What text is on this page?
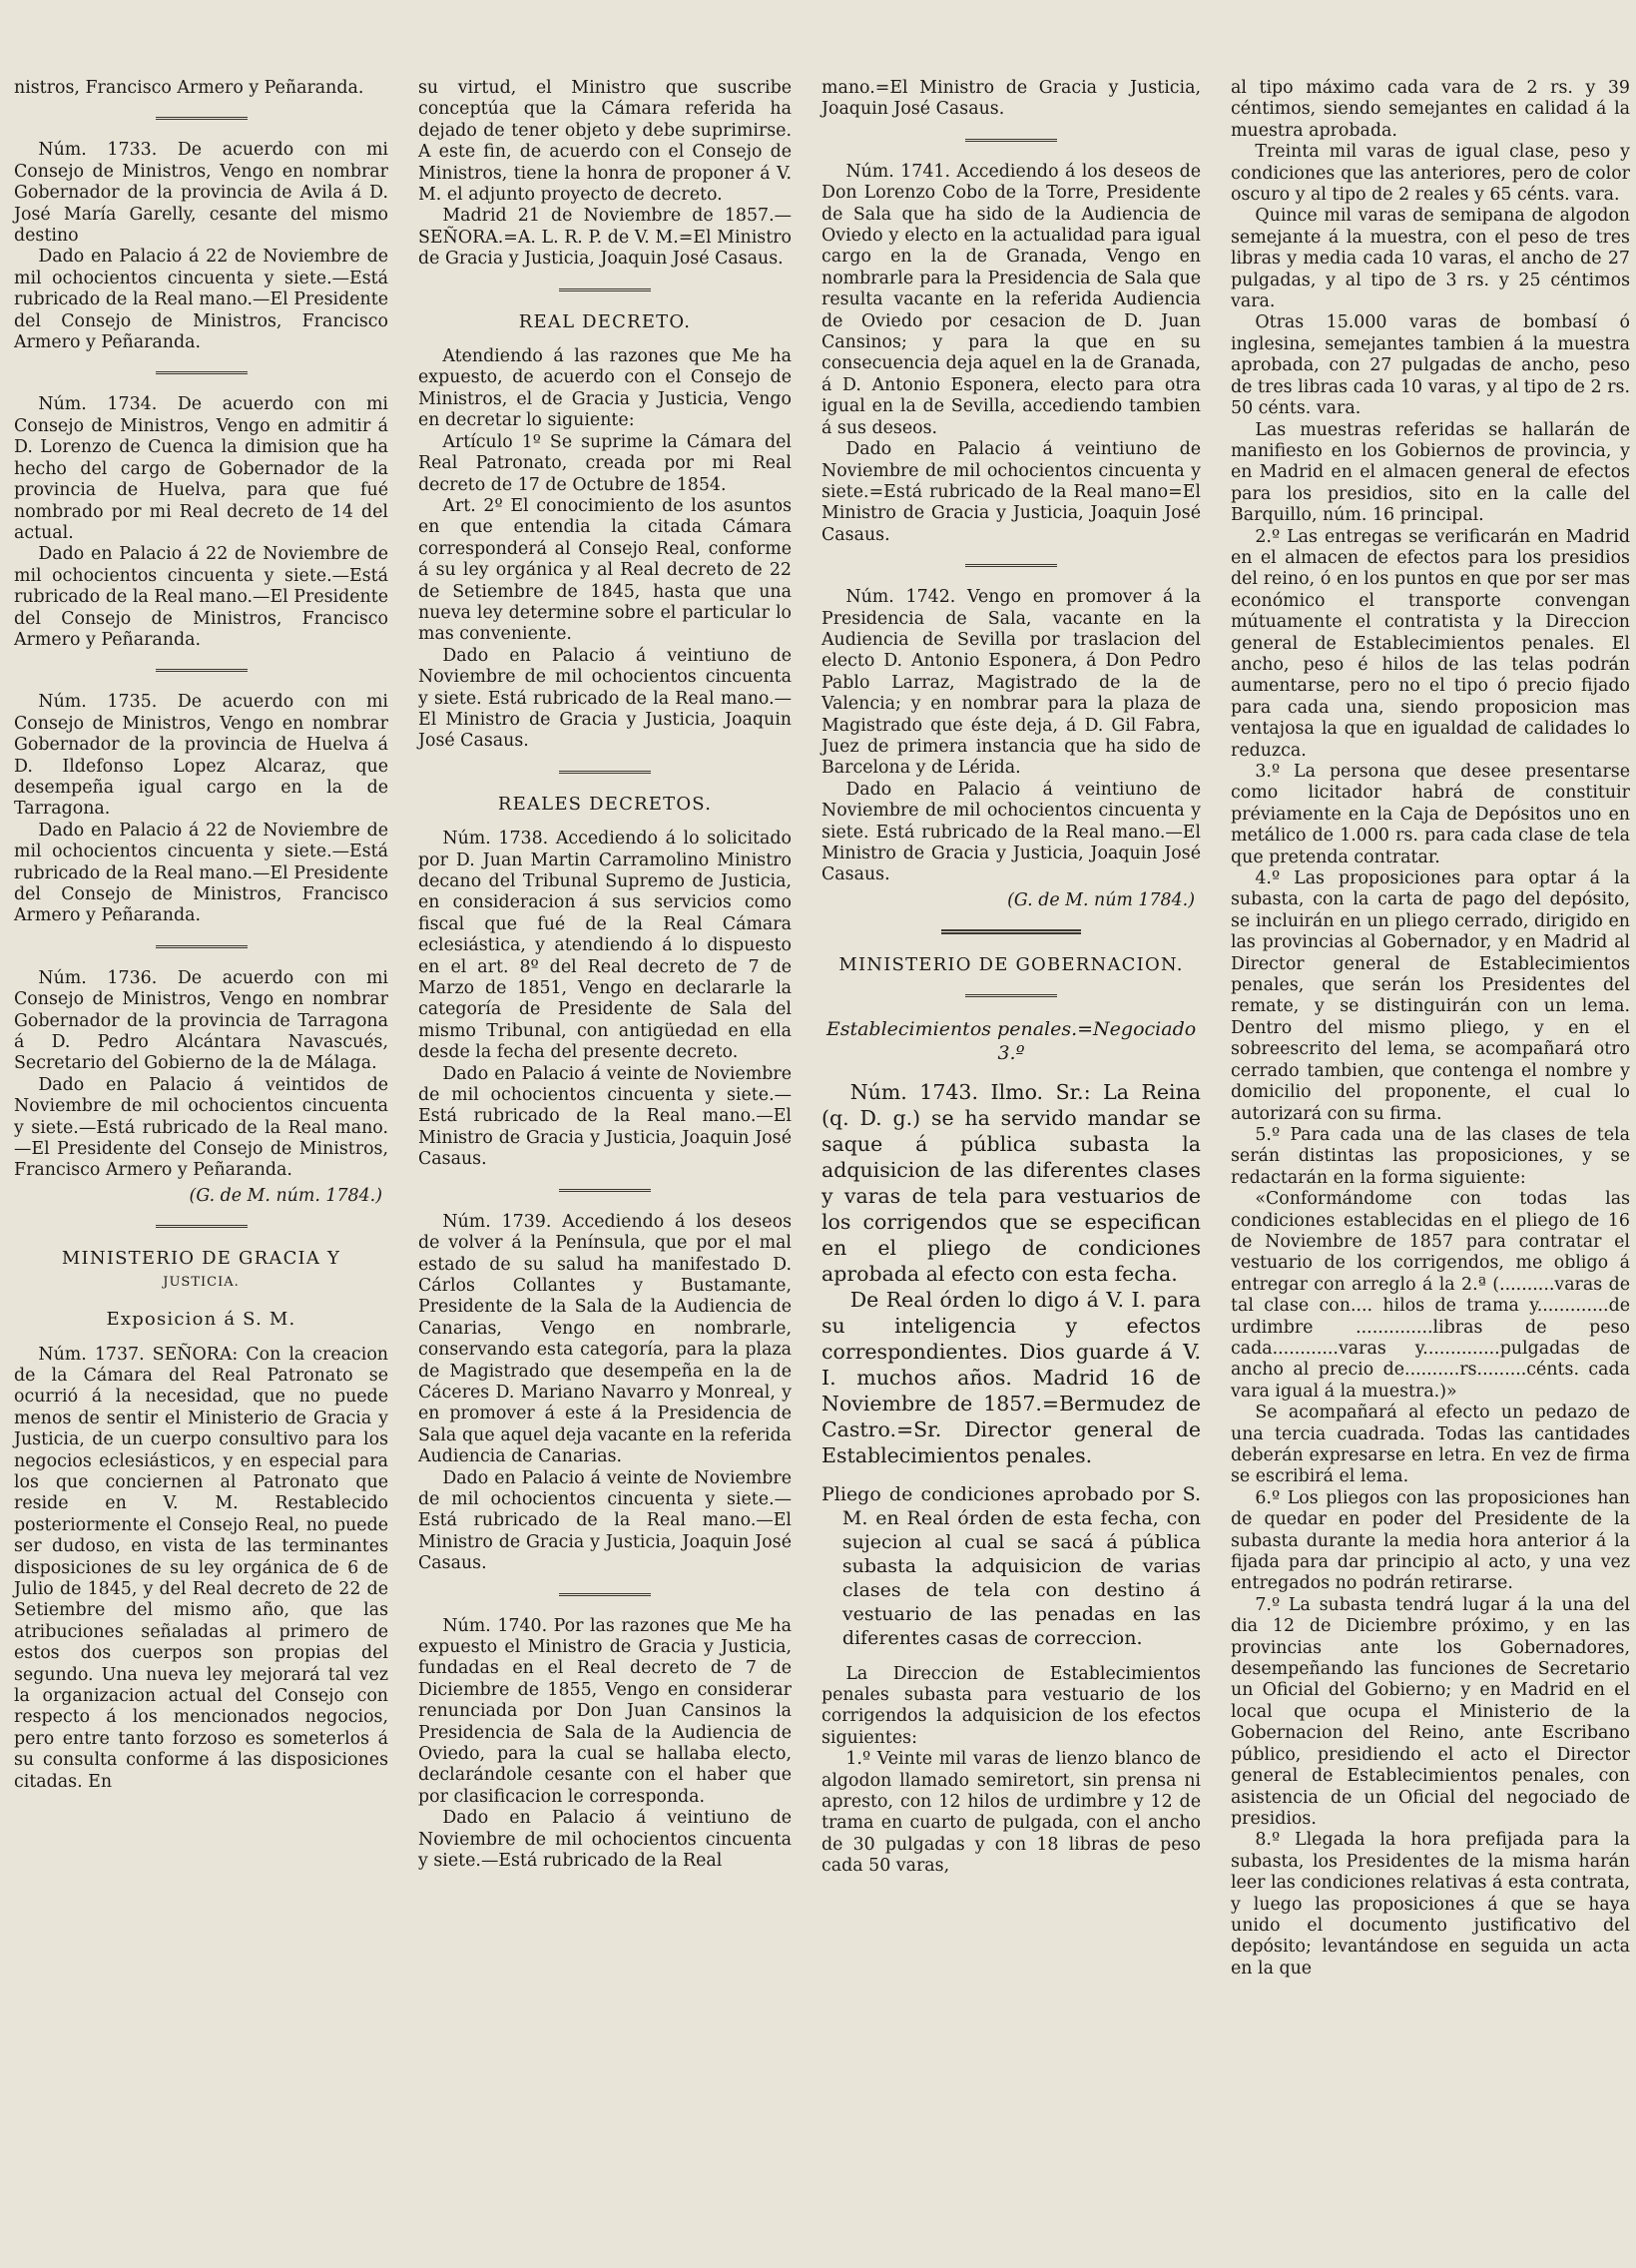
nistros, Francisco Armero y Peñaranda.

Núm. 1733. De acuerdo con mi Consejo de Ministros, Vengo en nombrar Gobernador de la provincia de Avila á D. José María Garelly, cesante del mismo destino

Dado en Palacio á 22 de Noviembre de mil ochocientos cincuenta y siete.—Está rubricado de la Real mano.—El Presidente del Consejo de Ministros, Francisco Armero y Peñaranda.

Núm. 1734. De acuerdo con mi Consejo de Ministros, Vengo en admitir á D. Lorenzo de Cuenca la dimision que ha hecho del cargo de Gobernador de la provincia de Huelva, para que fué nombrado por mi Real decreto de 14 del actual.

Dado en Palacio á 22 de Noviembre de mil ochocientos cincuenta y siete.—Está rubricado de la Real mano.—El Presidente del Consejo de Ministros, Francisco Armero y Peñaranda.

Núm. 1735. De acuerdo con mi Consejo de Ministros, Vengo en nombrar Gobernador de la provincia de Huelva á D. Ildefonso Lopez Alcaraz, que desempeña igual cargo en la de Tarragona.

Dado en Palacio á 22 de Noviembre de mil ochocientos cincuenta y siete.—Está rubricado de la Real mano.—El Presidente del Consejo de Ministros, Francisco Armero y Peñaranda.

Núm. 1736. De acuerdo con mi Consejo de Ministros, Vengo en nombrar Gobernador de la provincia de Tarragona á D. Pedro Alcántara Navascués, Secretario del Gobierno de la de Málaga.

Dado en Palacio á veintidos de Noviembre de mil ochocientos cincuenta y siete.—Está rubricado de la Real mano.—El Presidente del Consejo de Ministros, Francisco Armero y Peñaranda.

(G. de M. núm. 1784.)
MINISTERIO DE GRACIA Y
JUSTICIA.
Exposicion á S. M.

Núm. 1737. SEÑORA: Con la creacion de la Cámara del Real Patronato se ocurrió á la necesidad, que no puede menos de sentir el Ministerio de Gracia y Justicia, de un cuerpo consultivo para los negocios eclesiásticos, y en especial para los que conciernen al Patronato que reside en V. M. Restablecido posteriormente el Consejo Real, no puede ser dudoso, en vista de las terminantes disposiciones de su ley orgánica de 6 de Julio de 1845, y del Real decreto de 22 de Setiembre del mismo año, que las atribuciones señaladas al primero de estos dos cuerpos son propias del segundo. Una nueva ley mejorará tal vez la organizacion actual del Consejo con respecto á los mencionados negocios, pero entre tanto forzoso es someterlos á su consulta conforme á las disposiciones citadas. En

su virtud, el Ministro que suscribe conceptúa que la Cámara referida ha dejado de tener objeto y debe suprimirse. A este fin, de acuerdo con el Consejo de Ministros, tiene la honra de proponer á V. M. el adjunto proyecto de decreto.

Madrid 21 de Noviembre de 1857.—SEÑORA.=A. L. R. P. de V. M.=El Ministro de Gracia y Justicia, Joaquin José Casaus.

REAL DECRETO.

Atendiendo á las razones que Me ha expuesto, de acuerdo con el Consejo de Ministros, el de Gracia y Justicia, Vengo en decretar lo siguiente:

Artículo 1º Se suprime la Cámara del Real Patronato, creada por mi Real decreto de 17 de Octubre de 1854.

Art. 2º El conocimiento de los asuntos en que entendia la citada Cámara corresponderá al Consejo Real, conforme á su ley orgánica y al Real decreto de 22 de Setiembre de 1845, hasta que una nueva ley determine sobre el particular lo mas conveniente.

Dado en Palacio á veintiuno de Noviembre de mil ochocientos cincuenta y siete. Está rubricado de la Real mano.—El Ministro de Gracia y Justicia, Joaquin José Casaus.

REALES DECRETOS.

Núm. 1738. Accediendo á lo solicitado por D. Juan Martin Carramolino Ministro decano del Tribunal Supremo de Justicia, en consideracion á sus servicios como fiscal que fué de la Real Cámara eclesiástica, y atendiendo á lo dispuesto en el art. 8º del Real decreto de 7 de Marzo de 1851, Vengo en declararle la categoría de Presidente de Sala del mismo Tribunal, con antigüedad en ella desde la fecha del presente decreto.

Dado en Palacio á veinte de Noviembre de mil ochocientos cincuenta y siete.—Está rubricado de la Real mano.—El Ministro de Gracia y Justicia, Joaquin José Casaus.

Núm. 1739. Accediendo á los deseos de volver á la Península, que por el mal estado de su salud ha manifestado D. Cárlos Collantes y Bustamante, Presidente de la Sala de la Audiencia de Canarias, Vengo en nombrarle, conservando esta categoría, para la plaza de Magistrado que desempeña en la de Cáceres D. Mariano Navarro y Monreal, y en promover á este á la Presidencia de Sala que aquel deja vacante en la referida Audiencia de Canarias.

Dado en Palacio á veinte de Noviembre de mil ochocientos cincuenta y siete.—Está rubricado de la Real mano.—El Ministro de Gracia y Justicia, Joaquin José Casaus.

Núm. 1740. Por las razones que Me ha expuesto el Ministro de Gracia y Justicia, fundadas en el Real decreto de 7 de Diciembre de 1855, Vengo en considerar renunciada por Don Juan Cansinos la Presidencia de Sala de la Audiencia de Oviedo, para la cual se hallaba electo, declarándole cesante con el haber que por clasificacion le corresponda.

Dado en Palacio á veintiuno de Noviembre de mil ochocientos cincuenta y siete.—Está rubricado de la Real

mano.=El Ministro de Gracia y Justicia, Joaquin José Casaus.

Núm. 1741. Accediendo á los deseos de Don Lorenzo Cobo de la Torre, Presidente de Sala que ha sido de la Audiencia de Oviedo y electo en la actualidad para igual cargo en la de Granada, Vengo en nombrarle para la Presidencia de Sala que resulta vacante en la referida Audiencia de Oviedo por cesacion de D. Juan Cansinos; y para la que en su consecuencia deja aquel en la de Granada, á D. Antonio Esponera, electo para otra igual en la de Sevilla, accediendo tambien á sus deseos.

Dado en Palacio á veintiuno de Noviembre de mil ochocientos cincuenta y siete.=Está rubricado de la Real mano=El Ministro de Gracia y Justicia, Joaquin José Casaus.

Núm. 1742. Vengo en promover á la Presidencia de Sala, vacante en la Audiencia de Sevilla por traslacion del electo D. Antonio Esponera, á Don Pedro Pablo Larraz, Magistrado de la de Valencia; y en nombrar para la plaza de Magistrado que éste deja, á D. Gil Fabra, Juez de primera instancia que ha sido de Barcelona y de Lérida.

Dado en Palacio á veintiuno de Noviembre de mil ochocientos cincuenta y siete. Está rubricado de la Real mano.—El Ministro de Gracia y Justicia, Joaquin José Casaus.

(G. de M. núm 1784.)
MINISTERIO DE GOBERNACION.
Establecimientos penales.=Negociado 3.º

Núm. 1743. Ilmo. Sr.: La Reina (q. D. g.) se ha servido mandar se saque á pública subasta la adquisicion de las diferentes clases y varas de tela para vestuarios de los corrigendos que se especifican en el pliego de condiciones aprobada al efecto con esta fecha.

De Real órden lo digo á V. I. para su inteligencia y efectos correspondientes. Dios guarde á V. I. muchos años. Madrid 16 de Noviembre de 1857.=Bermudez de Castro.=Sr. Director general de Establecimientos penales.

Pliego de condiciones aprobado por S. M. en Real órden de esta fecha, con sujecion al cual se sacá á pública subasta la adquisicion de varias clases de tela con destino á vestuario de las penadas en las diferentes casas de correccion.

La Direccion de Establecimientos penales subasta para vestuario de los corrigendos la adquisicion de los efectos siguientes:

1.º Veinte mil varas de lienzo blanco de algodon llamado semiretort, sin prensa ni apresto, con 12 hilos de urdimbre y 12 de trama en cuarto de pulgada, con el ancho de 30 pulgadas y con 18 libras de peso cada 50 varas,

al tipo máximo cada vara de 2 rs. y 39 céntimos, siendo semejantes en calidad á la muestra aprobada.

Treinta mil varas de igual clase, peso y condiciones que las anteriores, pero de color oscuro y al tipo de 2 reales y 65 cénts. vara.

Quince mil varas de semipana de algodon semejante á la muestra, con el peso de tres libras y media cada 10 varas, el ancho de 27 pulgadas, y al tipo de 3 rs. y 25 céntimos vara.

Otras 15.000 varas de bombasí ó inglesina, semejantes tambien á la muestra aprobada, con 27 pulgadas de ancho, peso de tres libras cada 10 varas, y al tipo de 2 rs. 50 cénts. vara.

Las muestras referidas se hallarán de manifiesto en los Gobiernos de provincia, y en Madrid en el almacen general de efectos para los presidios, sito en la calle del Barquillo, núm. 16 principal.

2.º Las entregas se verificarán en Madrid en el almacen de efectos para los presidios del reino, ó en los puntos en que por ser mas económico el transporte convengan mútuamente el contratista y la Direccion general de Establecimientos penales. El ancho, peso é hilos de las telas podrán aumentarse, pero no el tipo ó precio fijado para cada una, siendo proposicion mas ventajosa la que en igualdad de calidades lo reduzca.

3.º La persona que desee presentarse como licitador habrá de constituir préviamente en la Caja de Depósitos uno en metálico de 1.000 rs. para cada clase de tela que pretenda contratar.

4.º Las proposiciones para optar á la subasta, con la carta de pago del depósito, se incluirán en un pliego cerrado, dirigido en las provincias al Gobernador, y en Madrid al Director general de Establecimientos penales, que serán los Presidentes del remate, y se distinguirán con un lema. Dentro del mismo pliego, y en el sobreescrito del lema, se acompañará otro cerrado tambien, que contenga el nombre y domicilio del proponente, el cual lo autorizará con su firma.

5.º Para cada una de las clases de tela serán distintas las proposiciones, y se redactarán en la forma siguiente:

«Conformándome con todas las condiciones establecidas en el pliego de 16 de Noviembre de 1857 para contratar el vestuario de los corrigendos, me obligo á entregar con arreglo á la 2.ª (..........varas de tal clase con.... hilos de trama y.............de urdimbre ..............libras de peso cada............varas y..............pulgadas de ancho al precio de..........rs.........cénts. cada vara igual á la muestra.)»

Se acompañará al efecto un pedazo de una tercia cuadrada. Todas las cantidades deberán expresarse en letra. En vez de firma se escribirá el lema.

6.º Los pliegos con las proposiciones han de quedar en poder del Presidente de la subasta durante la media hora anterior á la fijada para dar principio al acto, y una vez entregados no podrán retirarse.

7.º La subasta tendrá lugar á la una del dia 12 de Diciembre próximo, y en las provincias ante los Gobernadores, desempeñando las funciones de Secretario un Oficial del Gobierno; y en Madrid en el local que ocupa el Ministerio de la Gobernacion del Reino, ante Escribano público, presidiendo el acto el Director general de Establecimientos penales, con asistencia de un Oficial del negociado de presidios.

8.º Llegada la hora prefijada para la subasta, los Presidentes de la misma harán leer las condiciones relativas á esta contrata, y luego las proposiciones á que se haya unido el documento justificativo del depósito; levantándose en seguida un acta en la que
